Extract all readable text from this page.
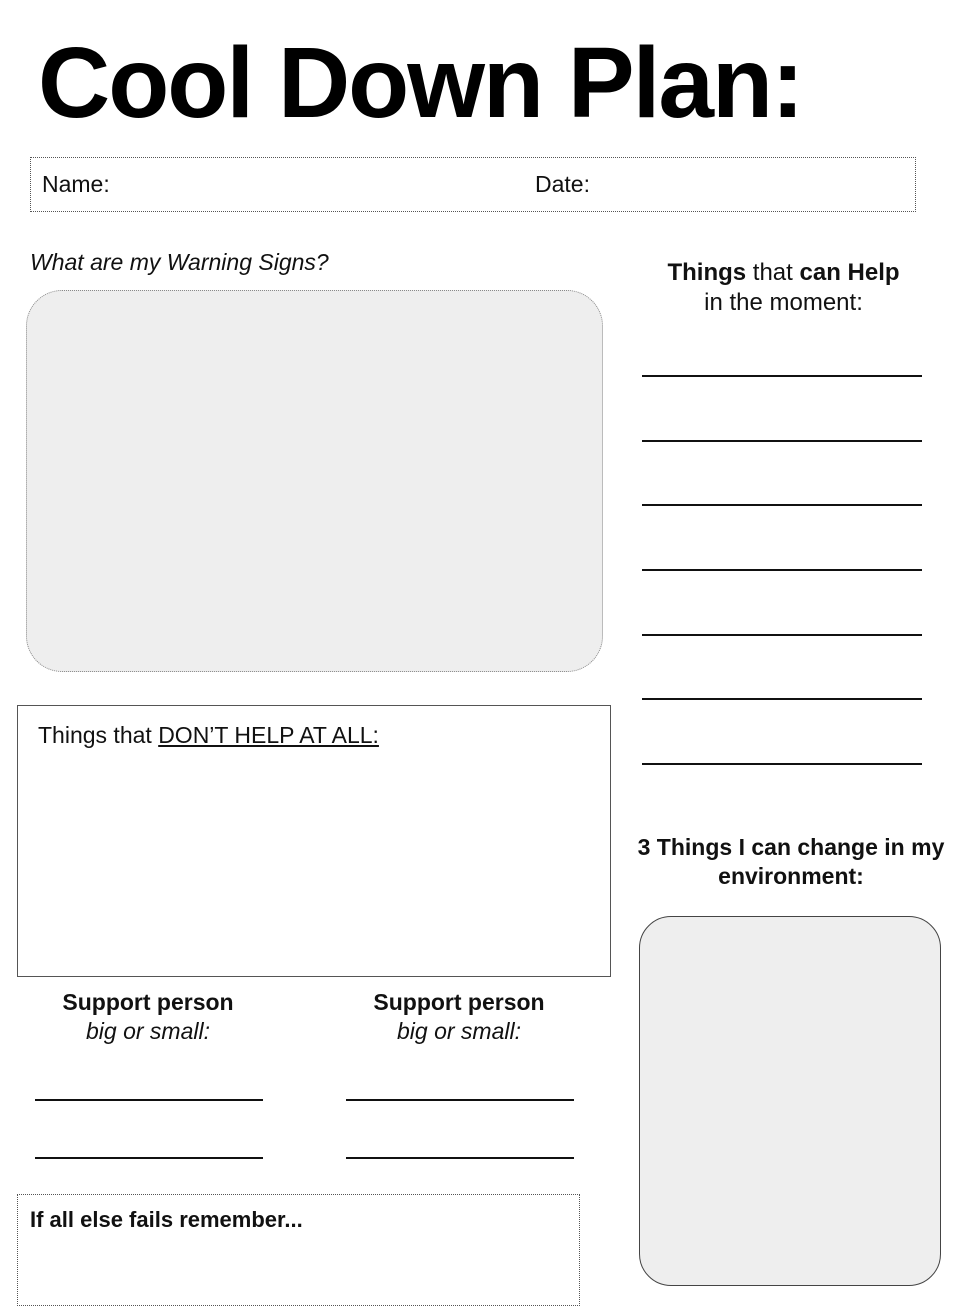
Cool Down Plan:
Name:	Date:
What are my Warning Signs?	Things that can Help
in the moment:
Things that DON’T HELP AT ALL:
Support person
big or small:
Support person
big or small:
3 Things I can change in my environment:
If all else fails remember...
